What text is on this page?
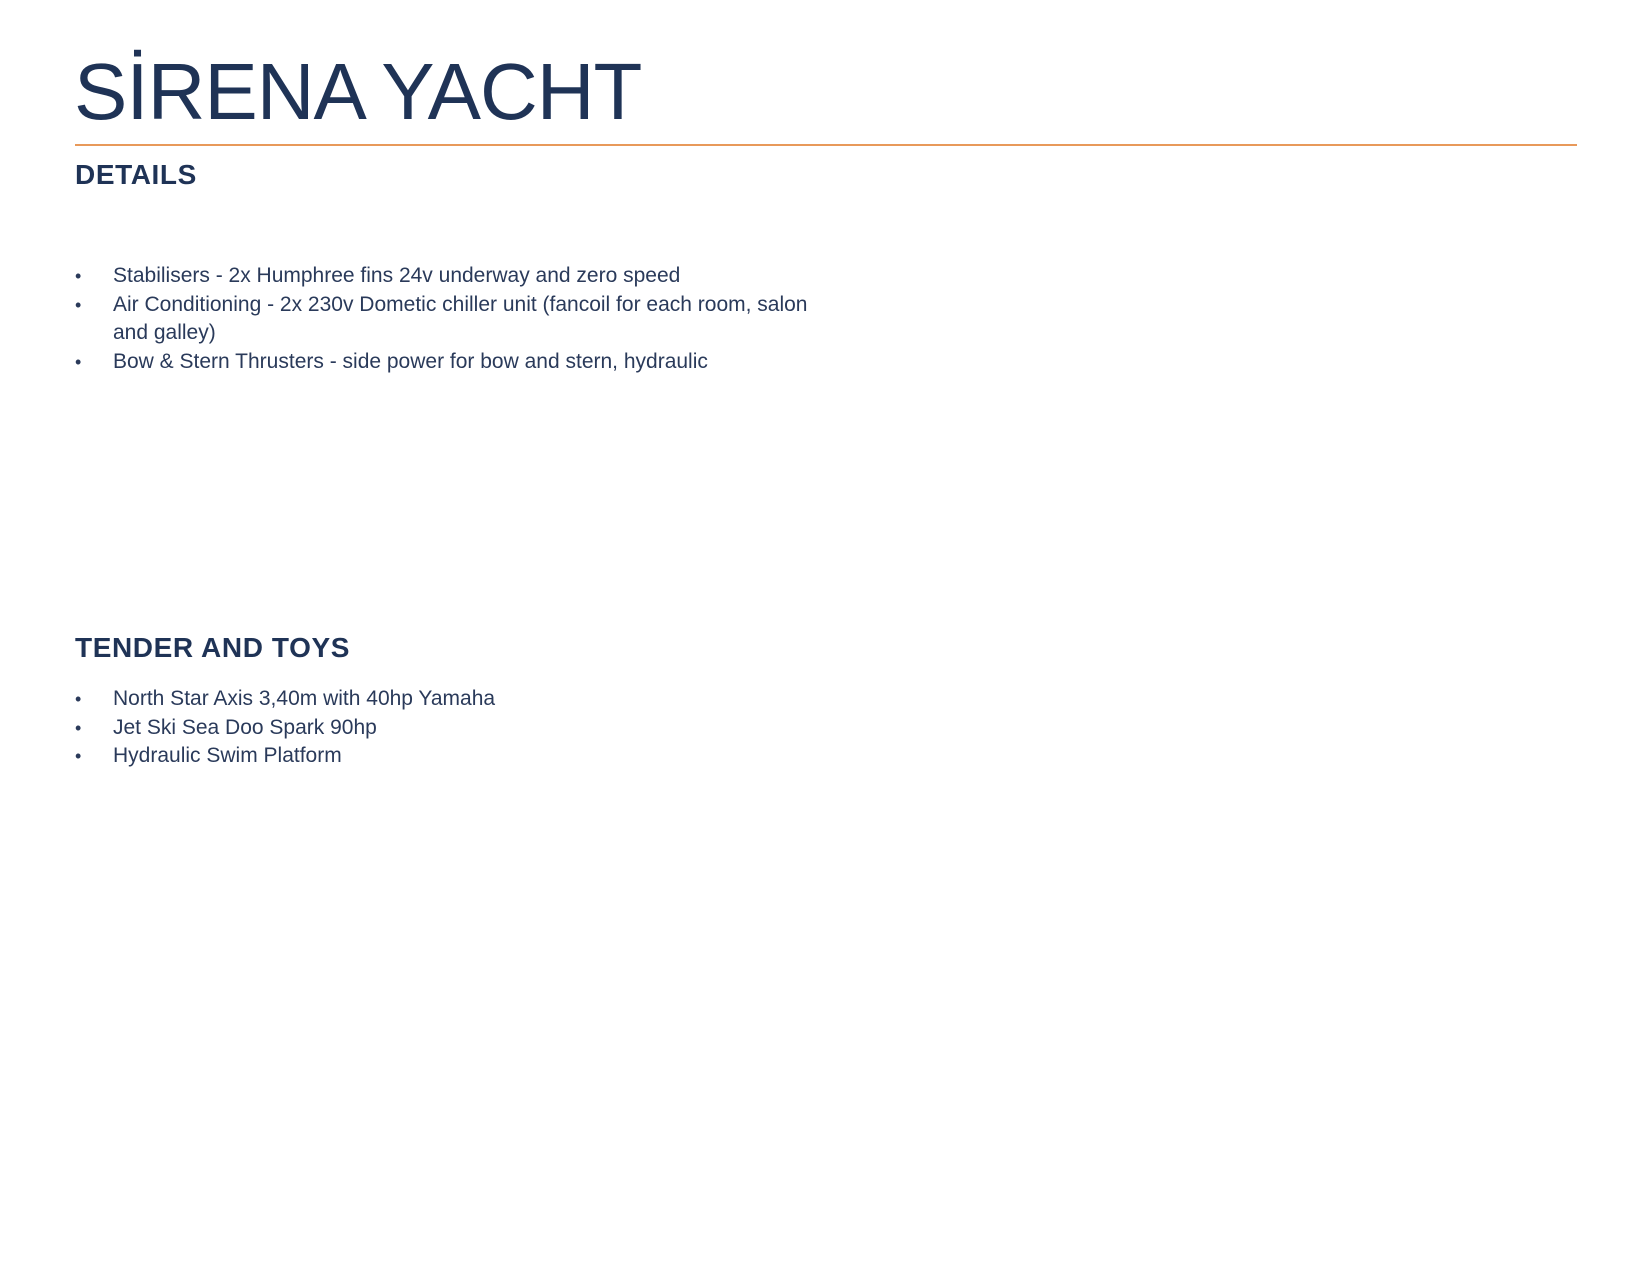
SİRENA YACHT
DETAILS
• Stabilisers - 2x Humphree fins 24v underway and zero speed
• Air Conditioning - 2x 230v Dometic chiller unit (fancoil for each room, salon and galley)
• Bow & Stern Thrusters - side power for bow and stern, hydraulic
TENDER AND TOYS
• North Star Axis 3,40m with 40hp Yamaha
• Jet Ski Sea Doo Spark 90hp
• Hydraulic Swim Platform
